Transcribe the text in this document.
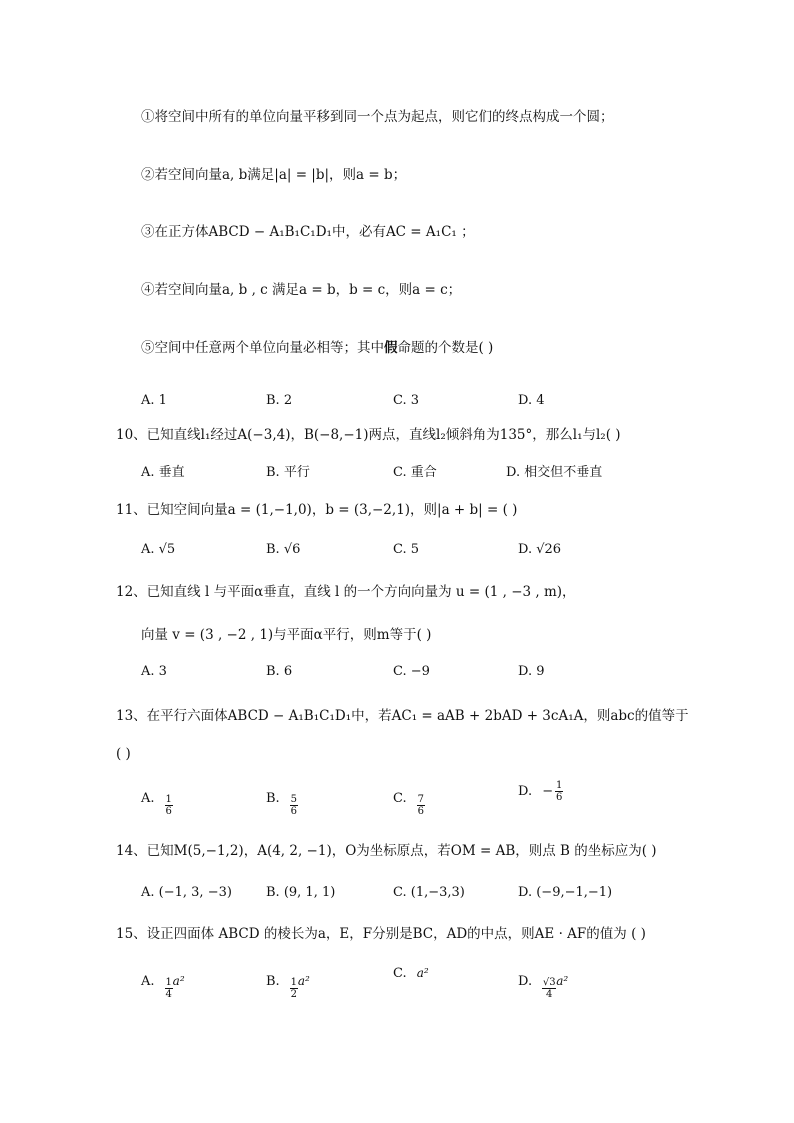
①将空间中所有的单位向量平移到同一个点为起点，则它们的终点构成一个圆；
②若空间向量a, b满足|a| = |b|，则a = b；
③在正方体ABCD − A₁B₁C₁D₁中，必有AC = A₁C₁ ；
④若空间向量a, b , c 满足a = b，b = c，则a = c；
⑤空间中任意两个单位向量必相等；其中假命题的个数是( )
A. 1	B. 2	C. 3	D. 4
10、已知直线l₁经过A(−3,4)，B(−8,−1)两点，直线l₂倾斜角为135°，那么l₁与l₂( )
A. 垂直	B. 平行	C. 重合	D. 相交但不垂直
11、已知空间向量a = (1,−1,0)，b = (3,−2,1)，则|a + b| = ( )
A. √5	B. √6	C. 5	D. √26
12、已知直线 l 与平面α垂直，直线 l 的一个方向向量为 u = (1 , −3 , m)，
向量 v = (3 , −2 , 1)与平面α平行，则m等于( )
A. 3	B. 6	C. −9	D. 9
13、在平行六面体ABCD − A₁B₁C₁D₁中，若AC₁ = aAB + 2bAD + 3cA₁A，则abc的值等于
( )
A. $\frac{1}{6}$	B. $\frac{5}{6}$	C. $\frac{7}{6}$
D. − $\frac{1}{6}$
14、已知M(5,−1,2)，A(4, 2, −1)，O为坐标原点，若OM = AB，则点 B 的坐标应为( )
A. (−1, 3, −3)	B. (9, 1, 1)	C. (1,−3,3)	D. (−9,−1,−1)
15、设正四面体 ABCD 的棱长为a，E，F分别是BC，AD的中点，则AE · AF的值为 ( )
A. $\frac{1}{4} a^2$	B. $\frac{1}{2} a^2$	C. a²
D. $\frac{√3}{4} a^2$
